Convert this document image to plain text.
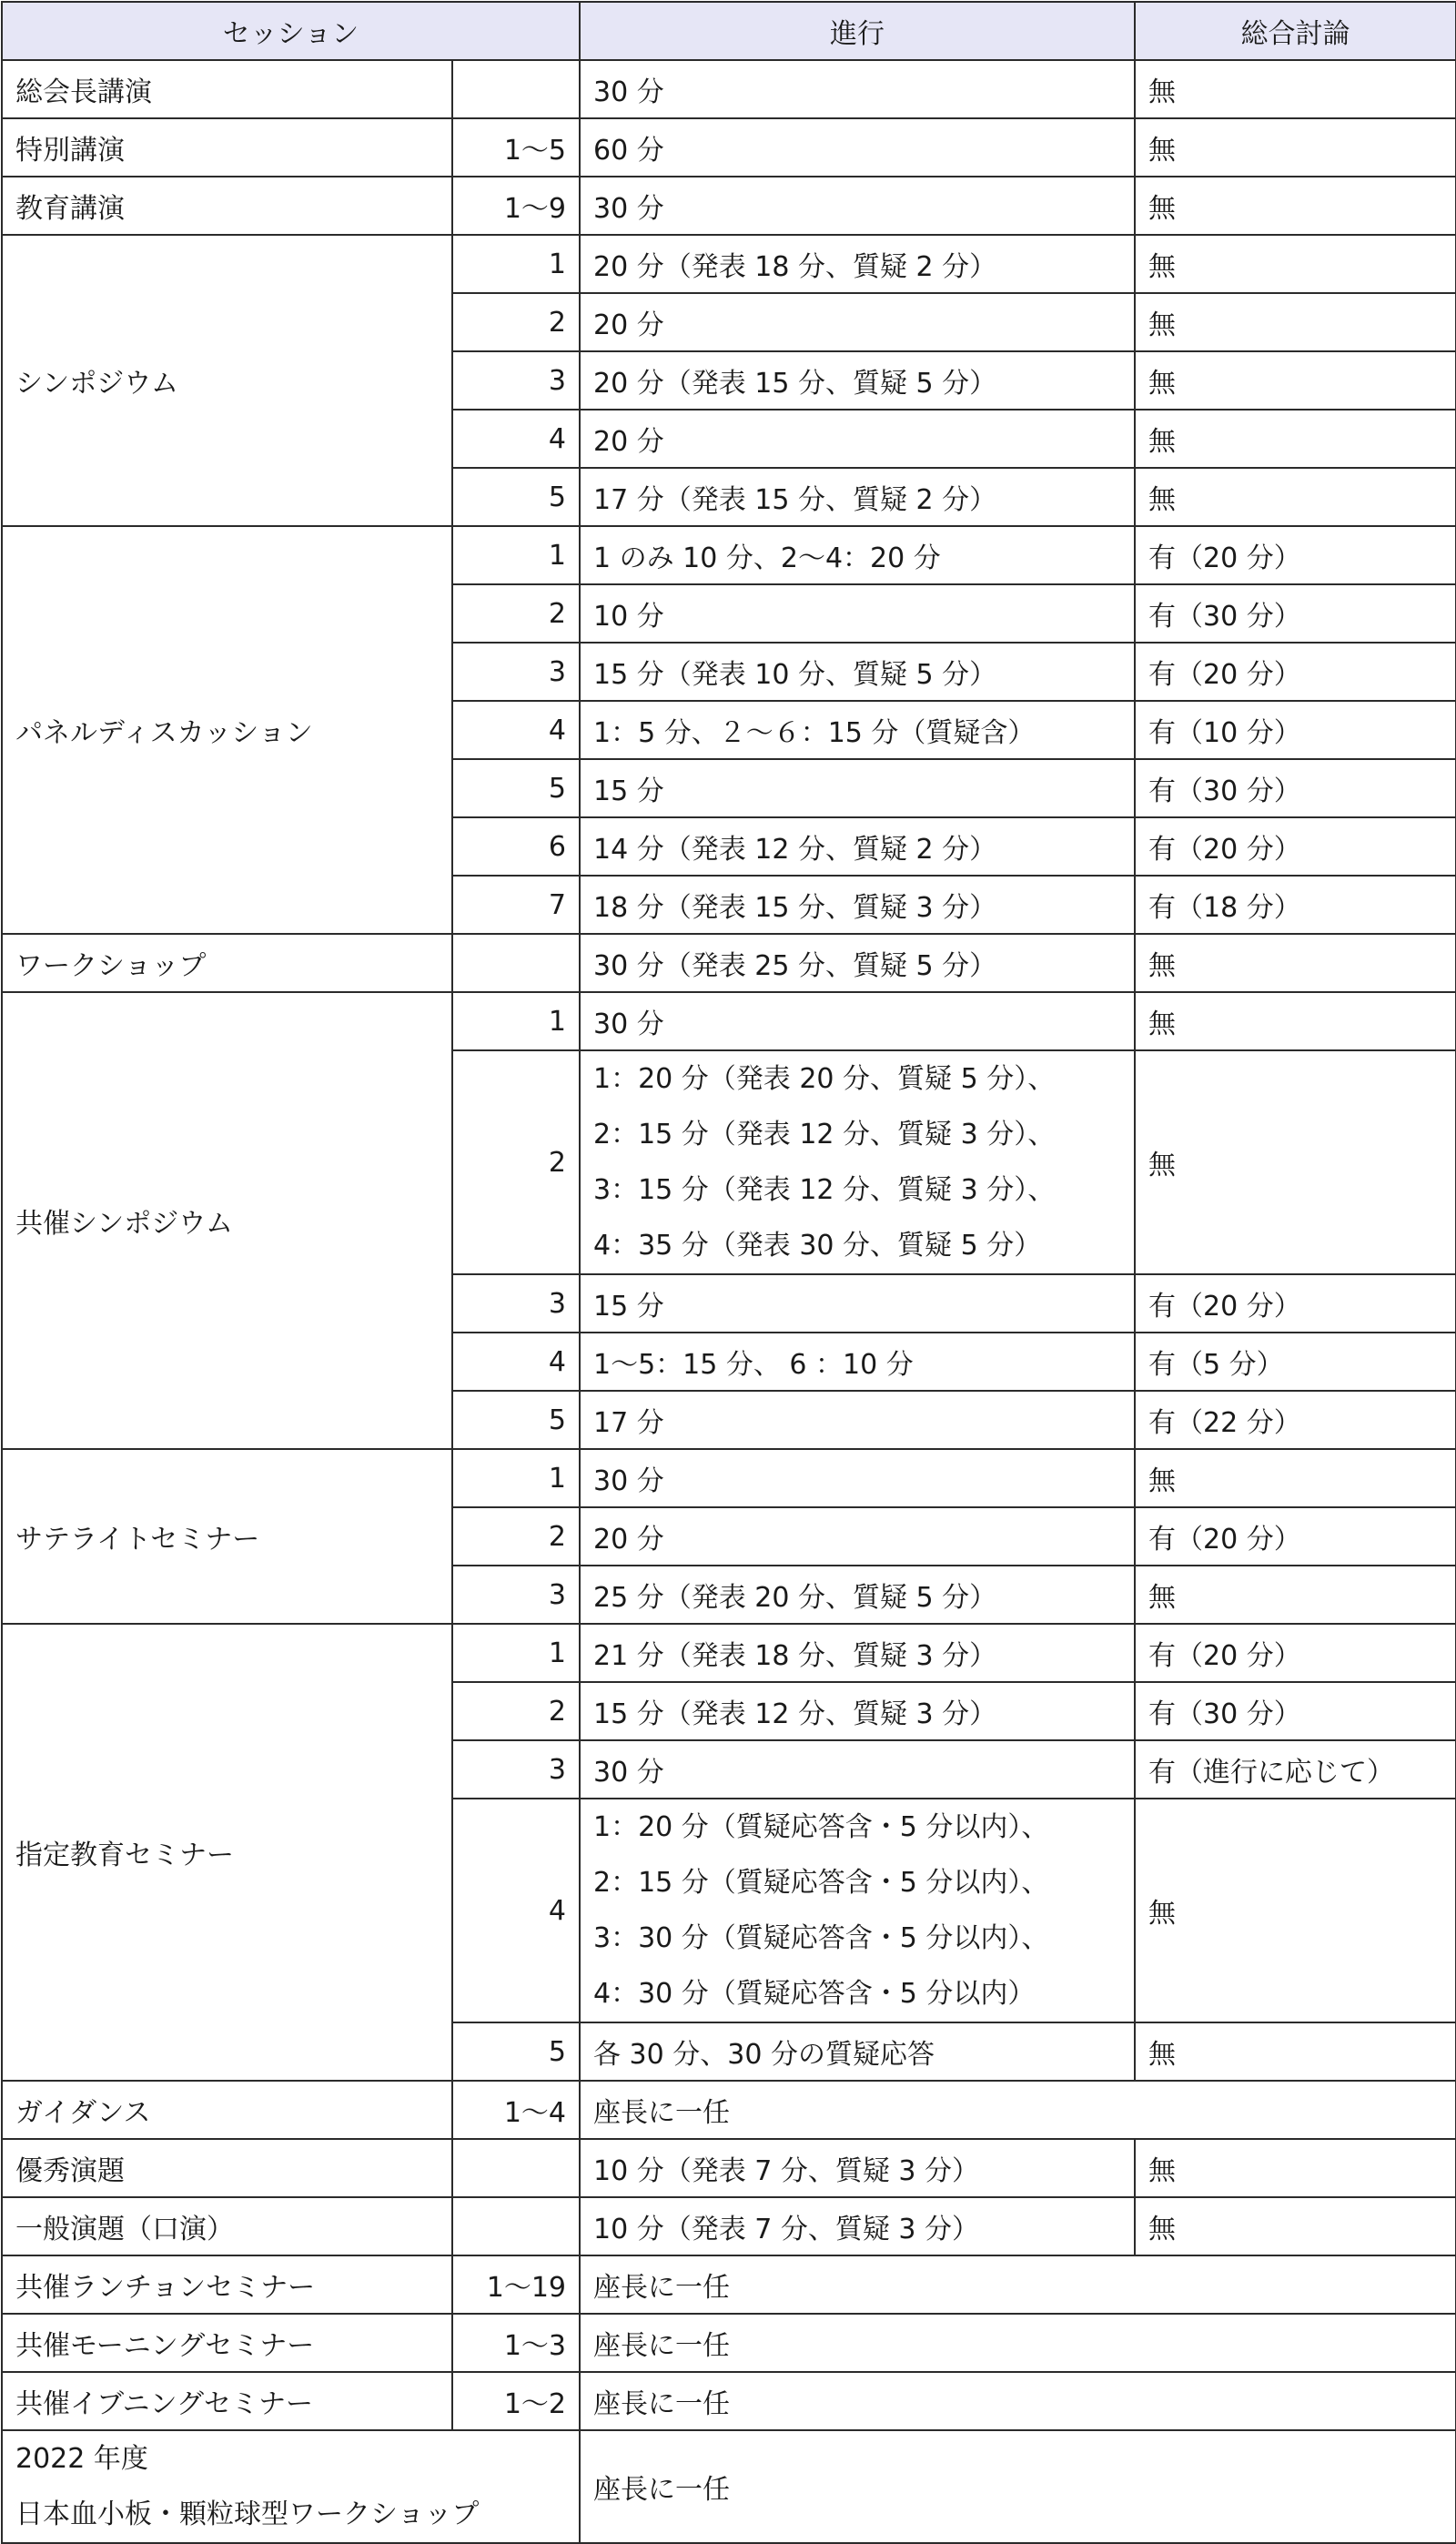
セッション		進行	総合討論
総会長講演		30 分	無
特別講演	1〜5	60 分	無
教育講演	1〜9	30 分	無
シンポジウム	1	20 分（発表 18 分、質疑 2 分）	無
	2	20 分	無
	3	20 分（発表 15 分、質疑 5 分）	無
	4	20 分	無
	5	17 分（発表 15 分、質疑 2 分）	無
パネルディスカッション	1	1 のみ 10 分、2〜4：20 分	有（20 分）
	2	10 分	有（30 分）
	3	15 分（発表 10 分、質疑 5 分）	有（20 分）
	4	1：5 分、２〜６：15 分（質疑含）	有（10 分）
	5	15 分	有（30 分）
	6	14 分（発表 12 分、質疑 2 分）	有（20 分）
	7	18 分（発表 15 分、質疑 3 分）	有（18 分）
ワークショップ		30 分（発表 25 分、質疑 5 分）	無
共催シンポジウム	1	30 分	無
	2	1：20 分（発表 20 分、質疑 5 分）、
2：15 分（発表 12 分、質疑 3 分）、
3：15 分（発表 12 分、質疑 3 分）、
4：35 分（発表 30 分、質疑 5 分）	無
	3	15 分	有（20 分）
	4	1〜5：15 分、 6 ：10 分	有（5 分）
	5	17 分	有（22 分）
サテライトセミナー	1	30 分	無
	2	20 分	有（20 分）
	3	25 分（発表 20 分、質疑 5 分）	無
指定教育セミナー	1	21 分（発表 18 分、質疑 3 分）	有（20 分）
	2	15 分（発表 12 分、質疑 3 分）	有（30 分）
	3	30 分	有（進行に応じて）
	4	1：20 分（質疑応答含・5 分以内）、
2：15 分（質疑応答含・5 分以内）、
3：30 分（質疑応答含・5 分以内）、
4：30 分（質疑応答含・5 分以内）	無
	5	各 30 分、30 分の質疑応答	無
ガイダンス	1〜4	座長に一任	
優秀演題		10 分（発表 7 分、質疑 3 分）	無
一般演題（口演）		10 分（発表 7 分、質疑 3 分）	無
共催ランチョンセミナー	1〜19	座長に一任	
共催モーニングセミナー	1〜3	座長に一任	
共催イブニングセミナー	1〜2	座長に一任	

2022 年度
日本血小板・顆粒球型ワークショップ		座長に一任	
